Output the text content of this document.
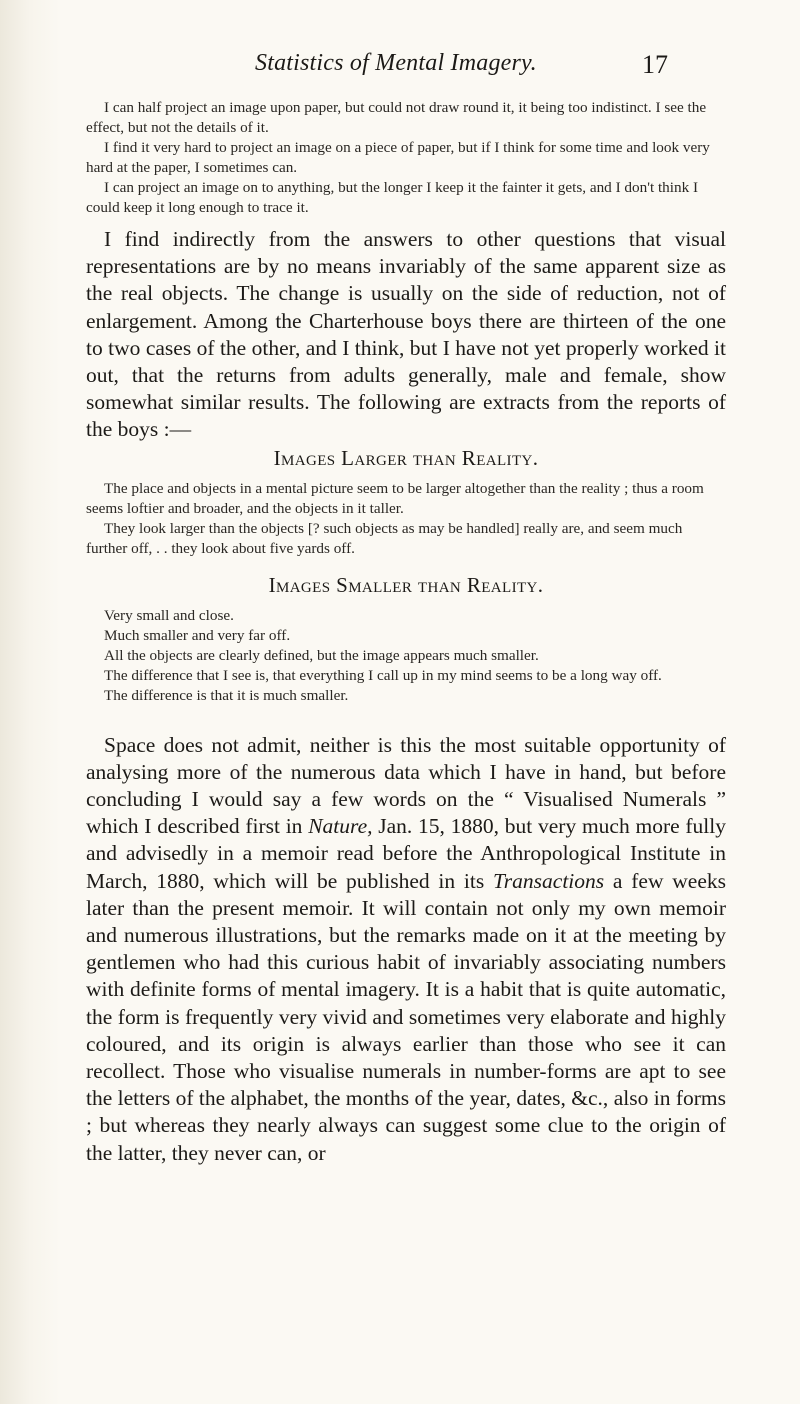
Statistics of Mental Imagery.	17

I can half project an image upon paper, but could not draw round it, it being too indistinct. I see the effect, but not the details of it.

I find it very hard to project an image on a piece of paper, but if I think for some time and look very hard at the paper, I sometimes can.

I can project an image on to anything, but the longer I keep it the fainter it gets, and I don't think I could keep it long enough to trace it.

I find indirectly from the answers to other questions that visual representations are by no means invariably of the same apparent size as the real objects. The change is usually on the side of reduction, not of enlargement. Among the Charterhouse boys there are thirteen of the one to two cases of the other, and I think, but I have not yet properly worked it out, that the returns from adults generally, male and female, show somewhat similar results. The following are extracts from the reports of the boys :—

Images Larger than Reality.

The place and objects in a mental picture seem to be larger altogether than the reality ; thus a room seems loftier and broader, and the objects in it taller.

They look larger than the objects [? such objects as may be handled] really are, and seem much further off, . . they look about five yards off.

Images Smaller than Reality.

Very small and close.

Much smaller and very far off.

All the objects are clearly defined, but the image appears much smaller.

The difference that I see is, that everything I call up in my mind seems to be a long way off.

The difference is that it is much smaller.

Space does not admit, neither is this the most suitable opportunity of analysing more of the numerous data which I have in hand, but before concluding I would say a few words on the “ Visualised Numerals ” which I described first in Nature, Jan. 15, 1880, but very much more fully and advisedly in a memoir read before the Anthropological Institute in March, 1880, which will be published in its Transactions a few weeks later than the present memoir. It will contain not only my own memoir and numerous illustrations, but the remarks made on it at the meeting by gentlemen who had this curious habit of invariably associating numbers with definite forms of mental imagery. It is a habit that is quite automatic, the form is frequently very vivid and sometimes very elaborate and highly coloured, and its origin is always earlier than those who see it can recollect. Those who visualise numerals in number-forms are apt to see the letters of the alphabet, the months of the year, dates, &c., also in forms ; but whereas they nearly always can suggest some clue to the origin of the latter, they never can, or
